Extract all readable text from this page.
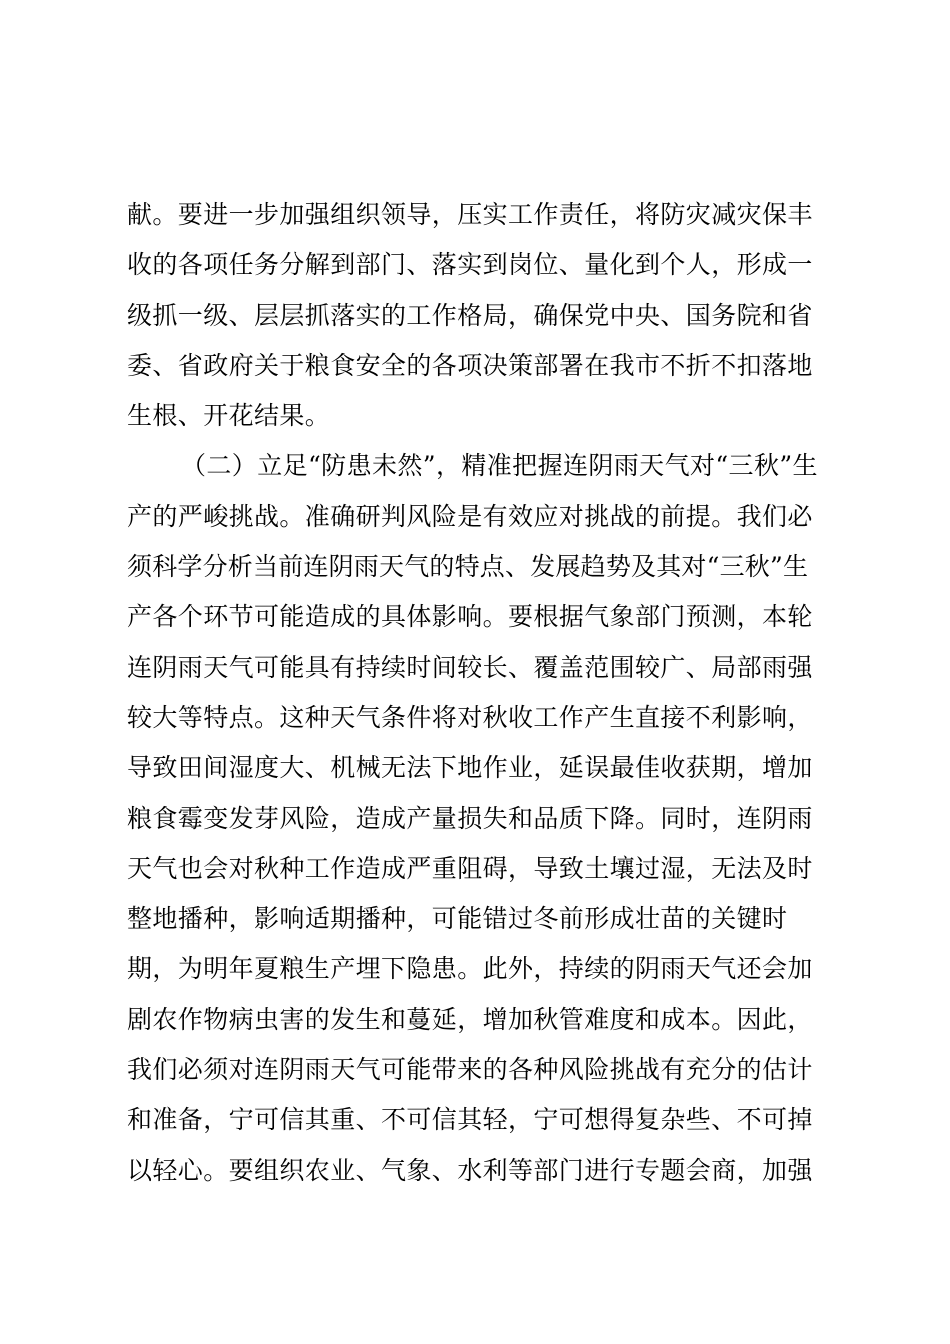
献。要进一步加强组织领导，压实工作责任，将防灾减灾保丰
收的各项任务分解到部门、落实到岗位、量化到个人，形成一
级抓一级、层层抓落实的工作格局，确保党中央、国务院和省
委、省政府关于粮食安全的各项决策部署在我市不折不扣落地
生根、开花结果。
（二）立足“防患未然”，精准把握连阴雨天气对“三秋”生
产的严峻挑战。准确研判风险是有效应对挑战的前提。我们必
须科学分析当前连阴雨天气的特点、发展趋势及其对“三秋”生
产各个环节可能造成的具体影响。要根据气象部门预测，本轮
连阴雨天气可能具有持续时间较长、覆盖范围较广、局部雨强
较大等特点。这种天气条件将对秋收工作产生直接不利影响，
导致田间湿度大、机械无法下地作业，延误最佳收获期，增加
粮食霉变发芽风险，造成产量损失和品质下降。同时，连阴雨
天气也会对秋种工作造成严重阻碍，导致土壤过湿，无法及时
整地播种，影响适期播种，可能错过冬前形成壮苗的关键时
期，为明年夏粮生产埋下隐患。此外，持续的阴雨天气还会加
剧农作物病虫害的发生和蔓延，增加秋管难度和成本。因此，
我们必须对连阴雨天气可能带来的各种风险挑战有充分的估计
和准备，宁可信其重、不可信其轻，宁可想得复杂些、不可掉
以轻心。要组织农业、气象、水利等部门进行专题会商，加强
